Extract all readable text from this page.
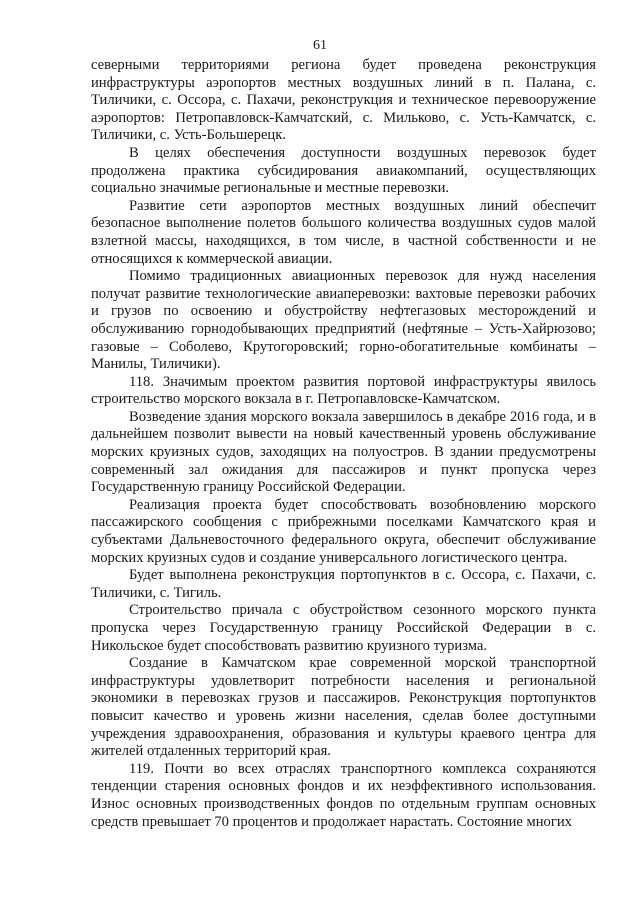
61

северными территориями региона будет проведена реконструкция инфраструктуры аэропортов местных воздушных линий в п. Палана, с. Тиличики, с. Оссора, с. Пахачи, реконструкция и техническое перевооружение аэропортов: Петропавловск-Камчатский, с. Мильково, с. Усть-Камчатск, с. Тиличики, с. Усть-Большерецк.

В целях обеспечения доступности воздушных перевозок будет продолжена практика субсидирования авиакомпаний, осуществляющих социально значимые региональные и местные перевозки.

Развитие сети аэропортов местных воздушных линий обеспечит безопасное выполнение полетов большого количества воздушных судов малой взлетной массы, находящихся, в том числе, в частной собственности и не относящихся к коммерческой авиации.

Помимо традиционных авиационных перевозок для нужд населения получат развитие технологические авиаперевозки: вахтовые перевозки рабочих и грузов по освоению и обустройству нефтегазовых месторождений и обслуживанию горнодобывающих предприятий (нефтяные – Усть-Хайрюзово; газовые – Соболево, Крутогоровский; горно-обогатительные комбинаты – Манилы, Тиличики).

118. Значимым проектом развития портовой инфраструктуры явилось строительство морского вокзала в г. Петропавловске-Камчатском.

Возведение здания морского вокзала завершилось в декабре 2016 года, и в дальнейшем позволит вывести на новый качественный уровень обслуживание морских круизных судов, заходящих на полуостров. В здании предусмотрены современный зал ожидания для пассажиров и пункт пропуска через Государственную границу Российской Федерации.

Реализация проекта будет способствовать возобновлению морского пассажирского сообщения с прибрежными поселками Камчатского края и субъектами Дальневосточного федерального округа, обеспечит обслуживание морских круизных судов и создание универсального логистического центра.

Будет выполнена реконструкция портопунктов в с. Оссора, с. Пахачи, с. Тиличики, с. Тигиль.

Строительство причала с обустройством сезонного морского пункта пропуска через Государственную границу Российской Федерации в с. Никольское будет способствовать развитию круизного туризма.

Создание в Камчатском крае современной морской транспортной инфраструктуры удовлетворит потребности населения и региональной экономики в перевозках грузов и пассажиров. Реконструкция портопунктов повысит качество и уровень жизни населения, сделав более доступными учреждения здравоохранения, образования и культуры краевого центра для жителей отдаленных территорий края.

119. Почти во всех отраслях транспортного комплекса сохраняются тенденции старения основных фондов и их неэффективного использования. Износ основных производственных фондов по отдельным группам основных средств превышает 70 процентов и продолжает нарастать. Состояние многих
